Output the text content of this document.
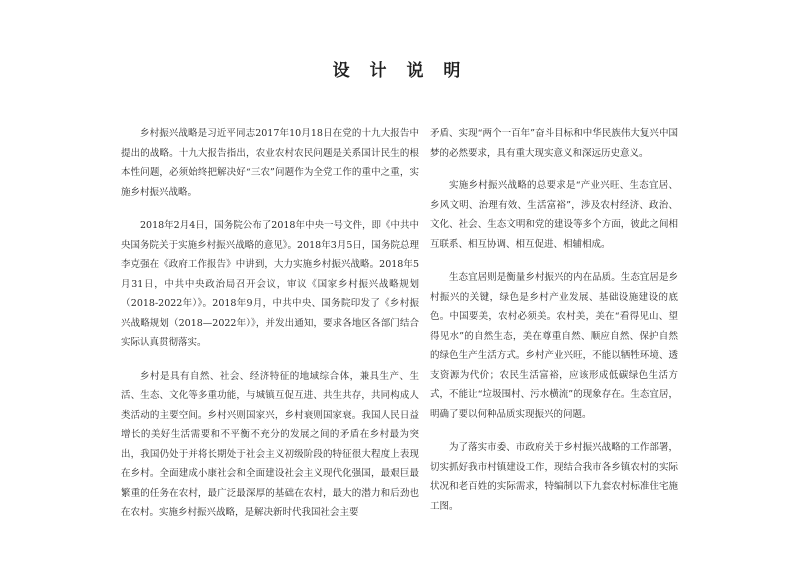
设 计 说 明

乡村振兴战略是习近平同志2017年10月18日在党的十九大报告中提出的战略。十九大报告指出，农业农村农民问题是关系国计民生的根本性问题，必须始终把解决好“三农”问题作为全党工作的重中之重，实施乡村振兴战略。

2018年2月4日，国务院公布了2018年中央一号文件，即《中共中央国务院关于实施乡村振兴战略的意见》。2018年3月5日，国务院总理李克强在《政府工作报告》中讲到，大力实施乡村振兴战略。2018年5月31日，中共中央政治局召开会议，审议《国家乡村振兴战略规划（2018-2022年）》。2018年9月，中共中央、国务院印发了《乡村振兴战略规划（2018—2022年）》，并发出通知，要求各地区各部门结合实际认真贯彻落实。

乡村是具有自然、社会、经济特征的地域综合体，兼具生产、生活、生态、文化等多重功能，与城镇互促互进、共生共存，共同构成人类活动的主要空间。乡村兴则国家兴，乡村衰则国家衰。我国人民日益增长的美好生活需要和不平衡不充分的发展之间的矛盾在乡村最为突出，我国仍处于并将长期处于社会主义初级阶段的特征很大程度上表现在乡村。全面建成小康社会和全面建设社会主义现代化强国，最艰巨最繁重的任务在农村，最广泛最深厚的基础在农村，最大的潜力和后劲也在农村。实施乡村振兴战略，是解决新时代我国社会主要

矛盾、实现“两个一百年”奋斗目标和中华民族伟大复兴中国梦的必然要求，具有重大现实意义和深远历史意义。

实施乡村振兴战略的总要求是“产业兴旺、生态宜居、乡风文明、治理有效、生活富裕”，涉及农村经济、政治、文化、社会、生态文明和党的建设等多个方面，彼此之间相互联系、相互协调、相互促进、相辅相成。

生态宜居则是衡量乡村振兴的内在品质。生态宜居是乡村振兴的关键，绿色是乡村产业发展、基础设施建设的底色。中国要美，农村必须美。农村美，美在“看得见山、望得见水”的自然生态，美在尊重自然、顺应自然、保护自然的绿色生产生活方式。乡村产业兴旺，不能以牺牲环境、透支资源为代价；农民生活富裕，应该形成低碳绿色生活方式，不能让“垃圾围村、污水横流”的现象存在。生态宜居，明确了要以何种品质实现振兴的问题。

为了落实市委、市政府关于乡村振兴战略的工作部署，切实抓好我市村镇建设工作，现结合我市各乡镇农村的实际状况和老百姓的实际需求，特编制以下九套农村标准住宅施工图。
